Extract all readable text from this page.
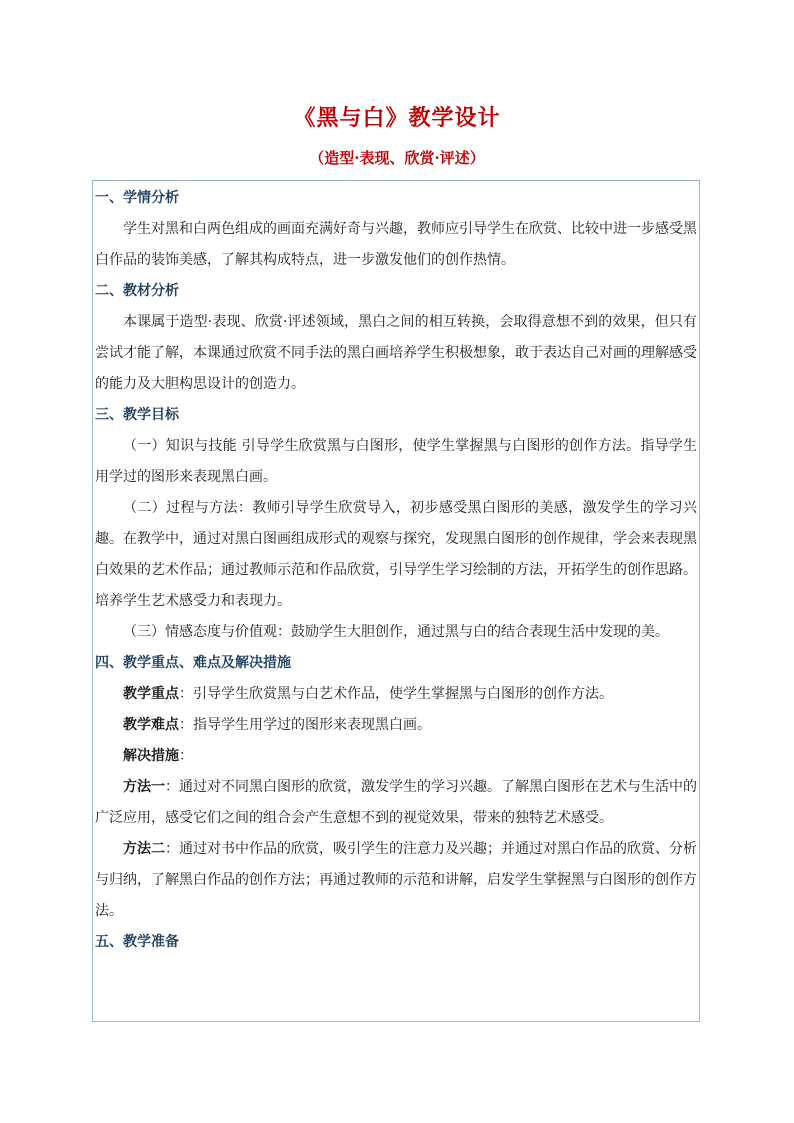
《黑与白》教学设计
（造型·表现、欣赏·评述）
一、学情分析
学生对黑和白两色组成的画面充满好奇与兴趣，教师应引导学生在欣赏、比较中进一步感受黑白作品的装饰美感，了解其构成特点，进一步激发他们的创作热情。
二、教材分析
本课属于造型·表现、欣赏·评述领域，黑白之间的相互转换，会取得意想不到的效果，但只有尝试才能了解，本课通过欣赏不同手法的黑白画培养学生积极想象，敢于表达自己对画的理解感受的能力及大胆构思设计的创造力。
三、教学目标
（一）知识与技能 引导学生欣赏黑与白图形，使学生掌握黑与白图形的创作方法。指导学生用学过的图形来表现黑白画。
（二）过程与方法：教师引导学生欣赏导入，初步感受黑白图形的美感，激发学生的学习兴趣。在教学中，通过对黑白图画组成形式的观察与探究，发现黑白图形的创作规律，学会来表现黑白效果的艺术作品；通过教师示范和作品欣赏，引导学生学习绘制的方法，开拓学生的创作思路。培养学生艺术感受力和表现力。
（三）情感态度与价值观：鼓励学生大胆创作，通过黑与白的结合表现生活中发现的美。
四、教学重点、难点及解决措施
教学重点：引导学生欣赏黑与白艺术作品，使学生掌握黑与白图形的创作方法。
教学难点：指导学生用学过的图形来表现黑白画。
解决措施：
方法一：通过对不同黑白图形的欣赏，激发学生的学习兴趣。了解黑白图形在艺术与生活中的广泛应用，感受它们之间的组合会产生意想不到的视觉效果，带来的独特艺术感受。
方法二：通过对书中作品的欣赏，吸引学生的注意力及兴趣；并通过对黑白作品的欣赏、分析与归纳，了解黑白作品的创作方法；再通过教师的示范和讲解，启发学生掌握黑与白图形的创作方法。
五、教学准备
